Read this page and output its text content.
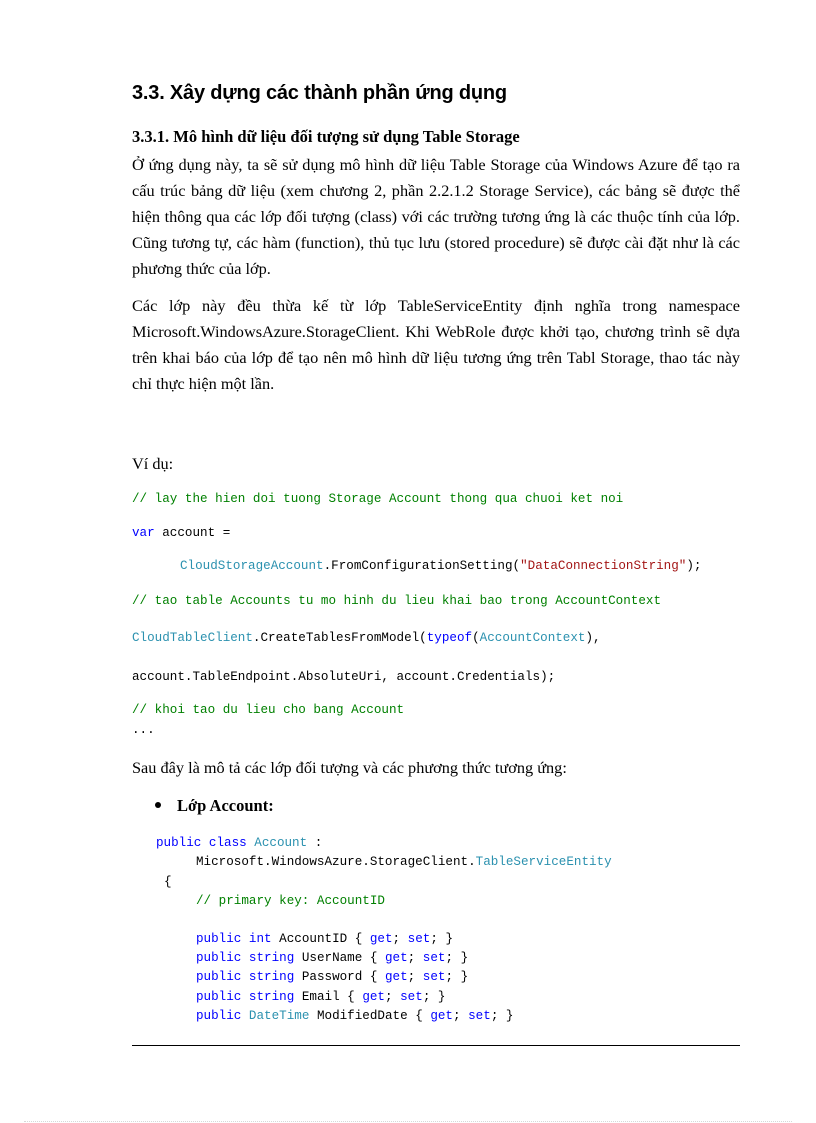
3.3. Xây dựng các thành phần ứng dụng
3.3.1. Mô hình dữ liệu đối tượng sử dụng Table Storage

Ở ứng dụng này, ta sẽ sử dụng mô hình dữ liệu Table Storage của Windows Azure để tạo ra cấu trúc bảng dữ liệu (xem chương 2, phần 2.2.1.2 Storage Service), các bảng sẽ được thể hiện thông qua các lớp đối tượng (class) với các trường tương ứng là các thuộc tính của lớp. Cũng tương tự, các hàm (function), thủ tục lưu (stored procedure) sẽ được cài đặt như là các phương thức của lớp.

Các lớp này đều thừa kế từ lớp TableServiceEntity định nghĩa trong namespace Microsoft.WindowsAzure.StorageClient. Khi WebRole được khởi tạo, chương trình sẽ dựa trên khai báo của lớp để tạo nên mô hình dữ liệu tương ứng trên Tabl Storage, thao tác này chỉ thực hiện một lần.

Ví dụ:

// lay the hien doi tuong Storage Account thong qua chuoi ket noi
var account =
CloudStorageAccount.FromConfigurationSetting("DataConnectionString");
// tao table Accounts tu mo hinh du lieu khai bao trong AccountContext
CloudTableClient.CreateTablesFromModel(typeof(AccountContext),
account.TableEndpoint.AbsoluteUri, account.Credentials);
// khoi tao du lieu cho bang Account
...

Sau đây là mô tả các lớp đối tượng và các phương thức tương ứng:

Lớp Account:
public class Account :
Microsoft.WindowsAzure.StorageClient.TableServiceEntity
{
// primary key: AccountID
public int AccountID { get; set; }
public string UserName { get; set; }
public string Password { get; set; }
public string Email { get; set; }
public DateTime ModifiedDate { get; set; }
